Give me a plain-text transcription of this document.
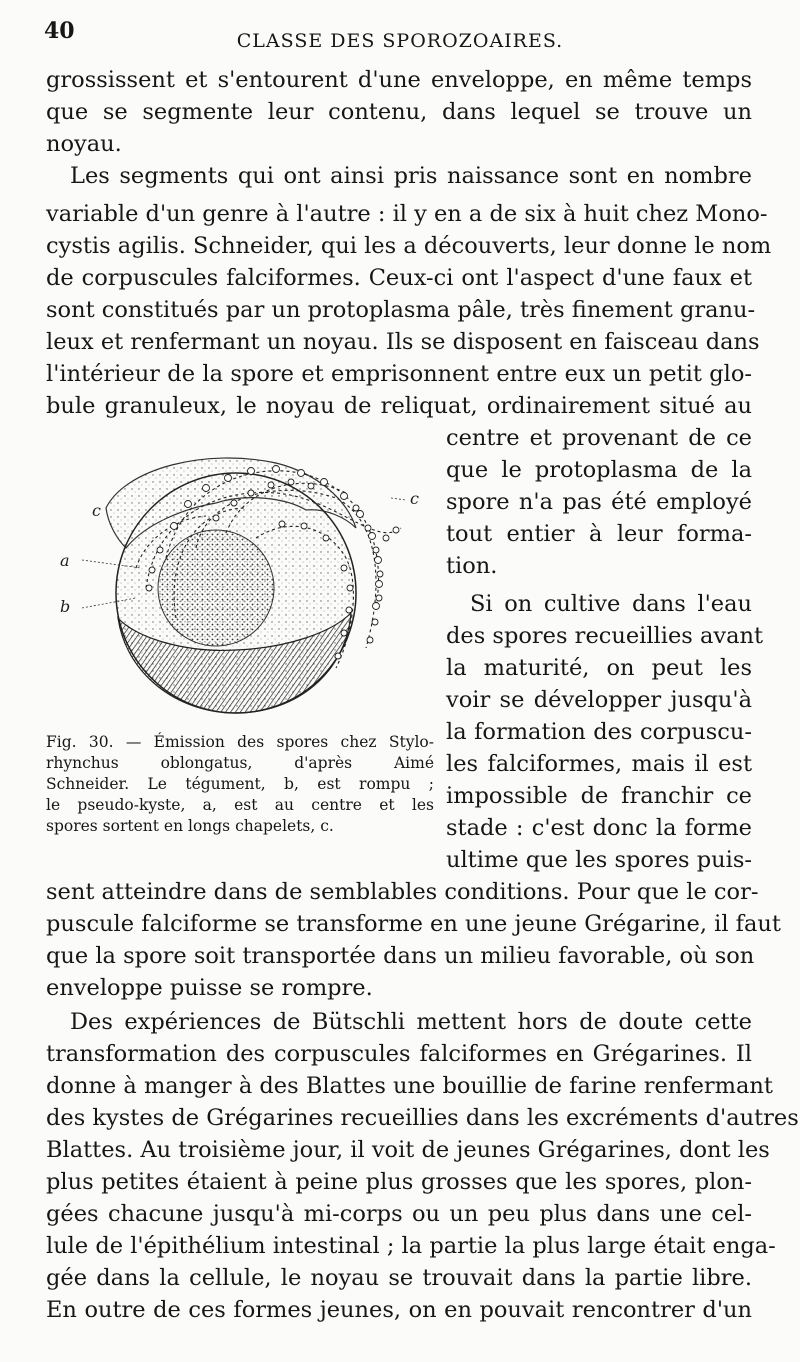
40	CLASSE DES SPOROZOAIRES.
grossissent et s'entourent d'une enveloppe, en même temps
que se segmente leur contenu, dans lequel se trouve un
noyau.
Les segments qui ont ainsi pris naissance sont en nombre
variable d'un genre à l'autre : il y en a de six à huit chez Mono-
cystis agilis. Schneider, qui les a découverts, leur donne le nom
de corpuscules falciformes. Ceux-ci ont l'aspect d'une faux et
sont constitués par un protoplasma pâle, très finement granu-
leux et renfermant un noyau. Ils se disposent en faisceau dans
l'intérieur de la spore et emprisonnent entre eux un petit glo-
bule granuleux, le noyau de reliquat, ordinairement situé au
centre et provenant de ce
que le protoplasma de la
spore n'a pas été employé
tout entier à leur forma-
tion.
Si on cultive dans l'eau
des spores recueillies avant
la maturité, on peut les
voir se développer jusqu'à
la formation des corpuscu-
les falciformes, mais il est
impossible de franchir ce
stade : c'est donc la forme
ultime que les spores puis-
c
a
b
c
Fig. 30. — Émission des spores chez Stylo-
rhynchus oblongatus, d'après Aimé
Schneider. Le tégument, b, est rompu ;
le pseudo-kyste, a, est au centre et les
spores sortent en longs chapelets, c.
sent atteindre dans de semblables conditions. Pour que le cor-
puscule falciforme se transforme en une jeune Grégarine, il faut
que la spore soit transportée dans un milieu favorable, où son
enveloppe puisse se rompre.
Des expériences de Bütschli mettent hors de doute cette
transformation des corpuscules falciformes en Grégarines. Il
donne à manger à des Blattes une bouillie de farine renfermant
des kystes de Grégarines recueillies dans les excréments d'autres
Blattes. Au troisième jour, il voit de jeunes Grégarines, dont les
plus petites étaient à peine plus grosses que les spores, plon-
gées chacune jusqu'à mi-corps ou un peu plus dans une cel-
lule de l'épithélium intestinal ; la partie la plus large était enga-
gée dans la cellule, le noyau se trouvait dans la partie libre.
En outre de ces formes jeunes, on en pouvait rencontrer d'un
